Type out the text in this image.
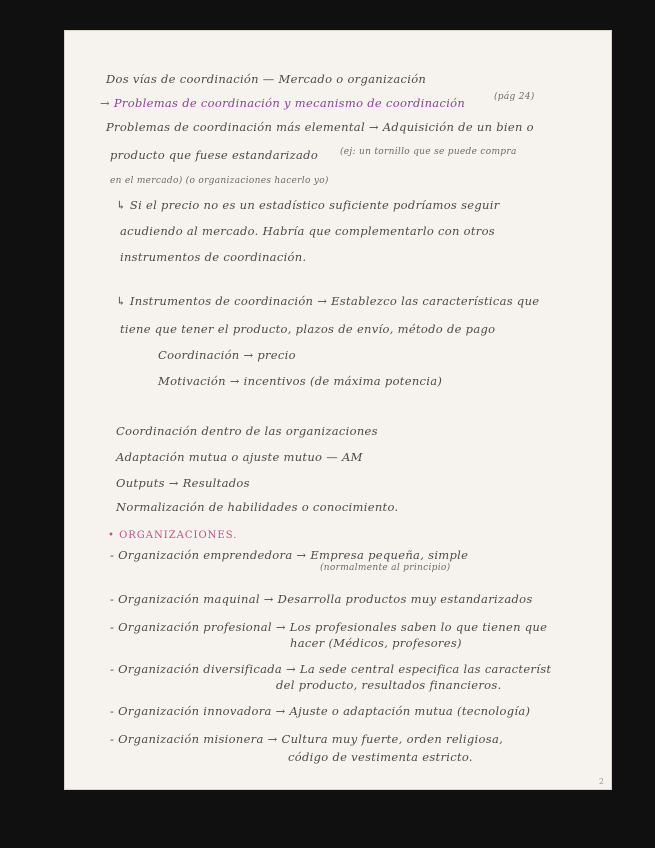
Dos vías de coordinación — Mercado o organización
→ Problemas de coordinación y mecanismo de coordinación	(pág 24)
Problemas de coordinación más elemental → Adquisición de un bien o
producto que fuese estandarizado (ej: un tornillo que se puede compra
en el mercado) (o organizaciones hacerlo yo)
↳ Si el precio no es un estadístico suficiente podríamos seguir
acudiendo al mercado. Habría que complementarlo con otros
instrumentos de coordinación.
↳ Instrumentos de coordinación → Establezco las características que
tiene que tener el producto, plazos de envío, método de pago
Coordinación → precio
Motivación → incentivos (de máxima potencia)
Coordinación dentro de las organizaciones
Adaptación mutua o ajuste mutuo — AM
Outputs → Resultados
Normalización de habilidades o conocimiento.
• ORGANIZACIONES.
- Organización emprendedora → Empresa pequeña, simple
(normalmente al principio)
- Organización maquinal → Desarrolla productos muy estandarizados
- Organización profesional → Los profesionales saben lo que tienen que
hacer (Médicos, profesores)
- Organización diversificada → La sede central especifica las característ
del producto, resultados financieros.
- Organización innovadora → Ajuste o adaptación mutua (tecnología)
- Organización misionera → Cultura muy fuerte, orden religiosa,
código de vestimenta estricto.
2
